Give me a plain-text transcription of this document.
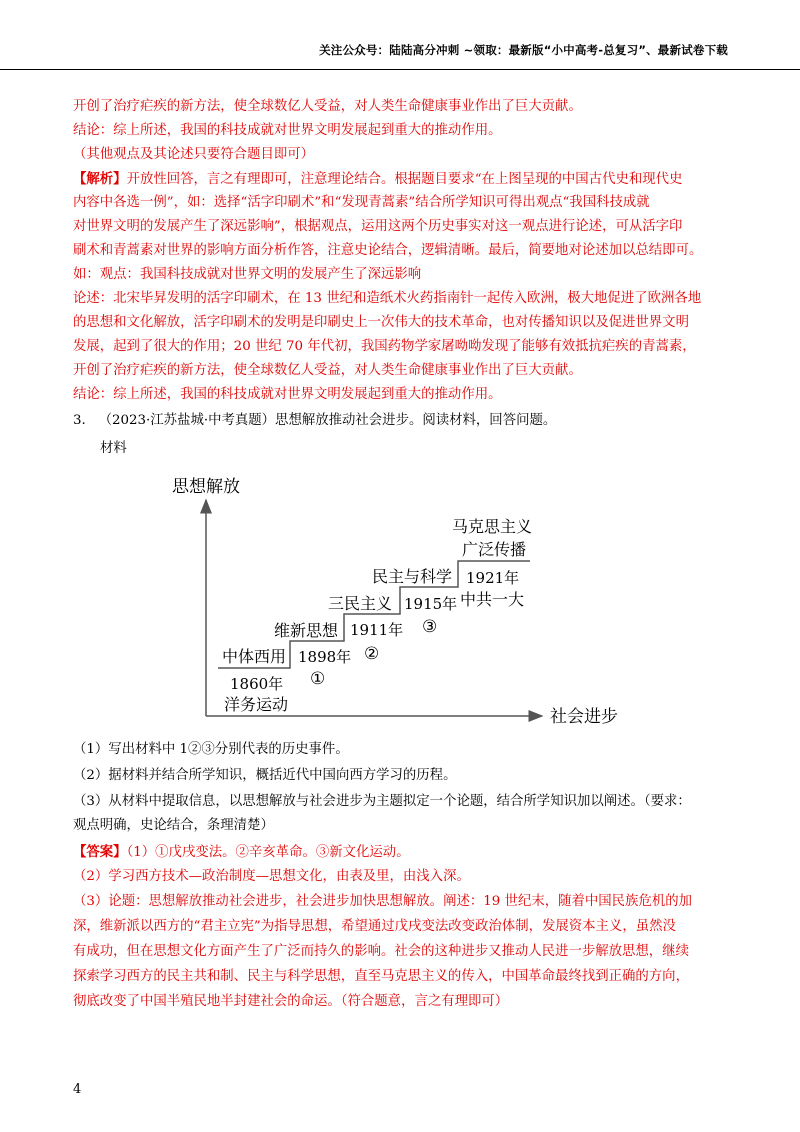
关注公众号：陆陆高分冲刺 ~领取：最新版“小中高考-总复习”、最新试卷下载
开创了治疗疟疾的新方法，使全球数亿人受益，对人类生命健康事业作出了巨大贡献。
结论：综上所述，我国的科技成就对世界文明发展起到重大的推动作用。
（其他观点及其论述只要符合题目即可）
【解析】开放性回答，言之有理即可，注意理论结合。根据题目要求“在上图呈现的中国古代史和现代史
内容中各选一例”，如：选择“活字印刷术”和“发现青蒿素”结合所学知识可得出观点“我国科技成就
对世界文明的发展产生了深远影响”，根据观点，运用这两个历史事实对这一观点进行论述，可从活字印
刷术和青蒿素对世界的影响方面分析作答，注意史论结合，逻辑清晰。最后，简要地对论述加以总结即可。
如：观点：我国科技成就对世界文明的发展产生了深远影响
论述：北宋毕昇发明的活字印刷术，在 13 世纪和造纸术火药指南针一起传入欧洲，极大地促进了欧洲各地
的思想和文化解放，活字印刷术的发明是印刷史上一次伟大的技术革命，也对传播知识以及促进世界文明
发展，起到了很大的作用；20 世纪 70 年代初，我国药物学家屠呦呦发现了能够有效抵抗疟疾的青蒿素，
开创了治疗疟疾的新方法，使全球数亿人受益，对人类生命健康事业作出了巨大贡献。
结论：综上所述，我国的科技成就对世界文明发展起到重大的推动作用。
3. （2023·江苏盐城·中考真题）思想解放推动社会进步。阅读材料，回答问题。
材料
思想解放
社会进步
中体西用
1860年
洋务运动
维新思想
1898年
①
三民主义
1911年
②
民主与科学
1915年
③
马克思主义
广泛传播
1921年
中共一大
（1）写出材料中 1②③分别代表的历史事件。
（2）据材料并结合所学知识，概括近代中国向西方学习的历程。
（3）从材料中提取信息，以思想解放与社会进步为主题拟定一个论题，结合所学知识加以阐述。（要求：
观点明确，史论结合，条理清楚）
【答案】（1）①戊戌变法。②辛亥革命。③新文化运动。
（2）学习西方技术—政治制度—思想文化，由表及里，由浅入深。
（3）论题：思想解放推动社会进步，社会进步加快思想解放。阐述：19 世纪末，随着中国民族危机的加
深，维新派以西方的“君主立宪”为指导思想，希望通过戊戌变法改变政治体制，发展资本主义，虽然没
有成功，但在思想文化方面产生了广泛而持久的影响。社会的这种进步又推动人民进一步解放思想，继续
探索学习西方的民主共和制、民主与科学思想，直至马克思主义的传入，中国革命最终找到正确的方向，
彻底改变了中国半殖民地半封建社会的命运。（符合题意，言之有理即可）
4
